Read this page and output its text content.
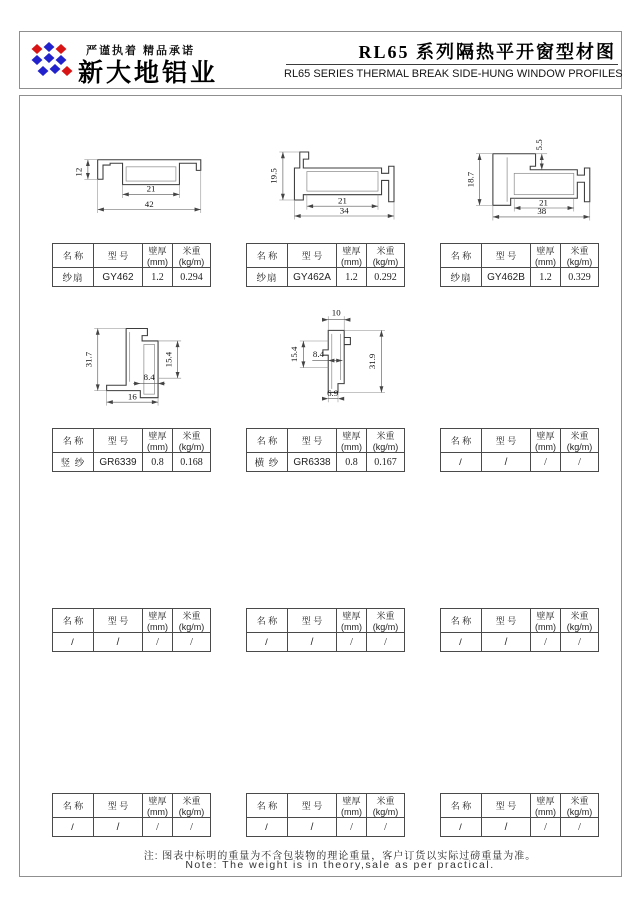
严谨执着 精品承诺
新大地铝业
RL65 系列隔热平开窗型材图
RL65 SERIES THERMAL BREAK SIDE-HUNG WINDOW PROFILES
12
21
42
19.5
21
34
18.7
5.5
21
38
31.7	15.4
8.4
16
10
15.4 8.4	31.9
6.9
名 称	型 号	壁厚(mm)	米重(kg/m)
纱扇	GY462	1.2	0.294
名 称	型 号	壁厚(mm)	米重(kg/m)
纱扇	GY462A	1.2	0.292
名 称	型 号	壁厚(mm)	米重(kg/m)
纱扇	GY462B	1.2	0.329
名 称	型 号	壁厚(mm)	米重(kg/m)
竖 纱	GR6339	0.8	0.168
名 称	型 号	壁厚(mm)	米重(kg/m)
横 纱	GR6338	0.8	0.167
名 称	型 号	壁厚(mm)	米重(kg/m)
/	/	/	/
名 称	型 号	壁厚(mm)	米重(kg/m)
/	/	/	/
名 称	型 号	壁厚(mm)	米重(kg/m)
/	/	/	/
名 称	型 号	壁厚(mm)	米重(kg/m)
/	/	/	/
名 称	型 号	壁厚(mm)	米重(kg/m)
/	/	/	/
名 称	型 号	壁厚(mm)	米重(kg/m)
/	/	/	/
名 称	型 号	壁厚(mm)	米重(kg/m)
/	/	/	/
注: 图表中标明的重量为不含包装物的理论重量，客户订货以实际过磅重量为准。
Note: The weight is in theory,sale as per practical.
